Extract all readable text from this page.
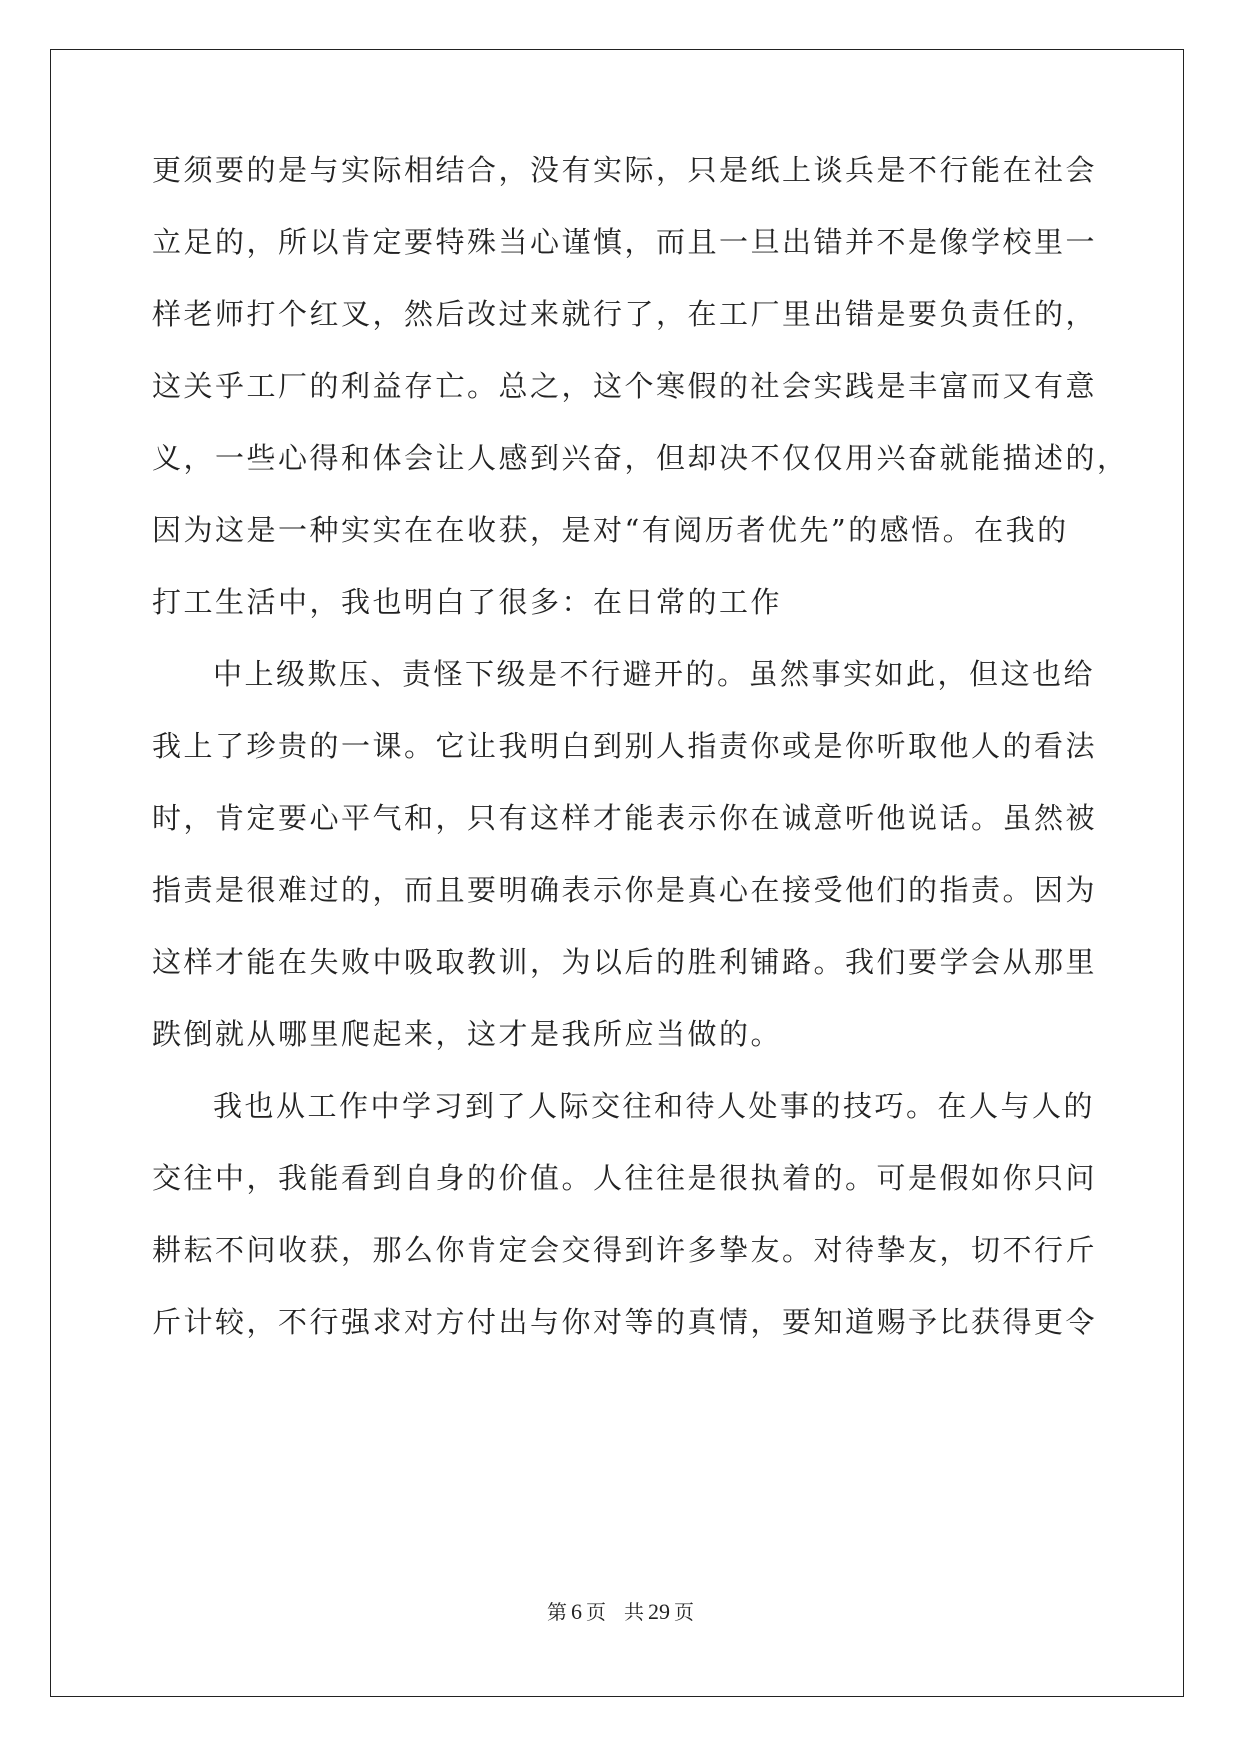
更须要的是与实际相结合，没有实际，只是纸上谈兵是不行能在社会
立足的，所以肯定要特殊当心谨慎，而且一旦出错并不是像学校里一
样老师打个红叉，然后改过来就行了，在工厂里出错是要负责任的，
这关乎工厂的利益存亡。总之，这个寒假的社会实践是丰富而又有意
义，一些心得和体会让人感到兴奋，但却决不仅仅用兴奋就能描述的，
因为这是一种实实在在收获，是对“有阅历者优先”的感悟。在我的
打工生活中，我也明白了很多：在日常的工作
中上级欺压、责怪下级是不行避开的。虽然事实如此，但这也给
我上了珍贵的一课。它让我明白到别人指责你或是你听取他人的看法
时，肯定要心平气和，只有这样才能表示你在诚意听他说话。虽然被
指责是很难过的，而且要明确表示你是真心在接受他们的指责。因为
这样才能在失败中吸取教训，为以后的胜利铺路。我们要学会从那里
跌倒就从哪里爬起来，这才是我所应当做的。
我也从工作中学习到了人际交往和待人处事的技巧。在人与人的
交往中，我能看到自身的价值。人往往是很执着的。可是假如你只问
耕耘不问收获，那么你肯定会交得到许多挚友。对待挚友，切不行斤
斤计较，不行强求对方付出与你对等的真情，要知道赐予比获得更令
第 6 页 共 29 页
